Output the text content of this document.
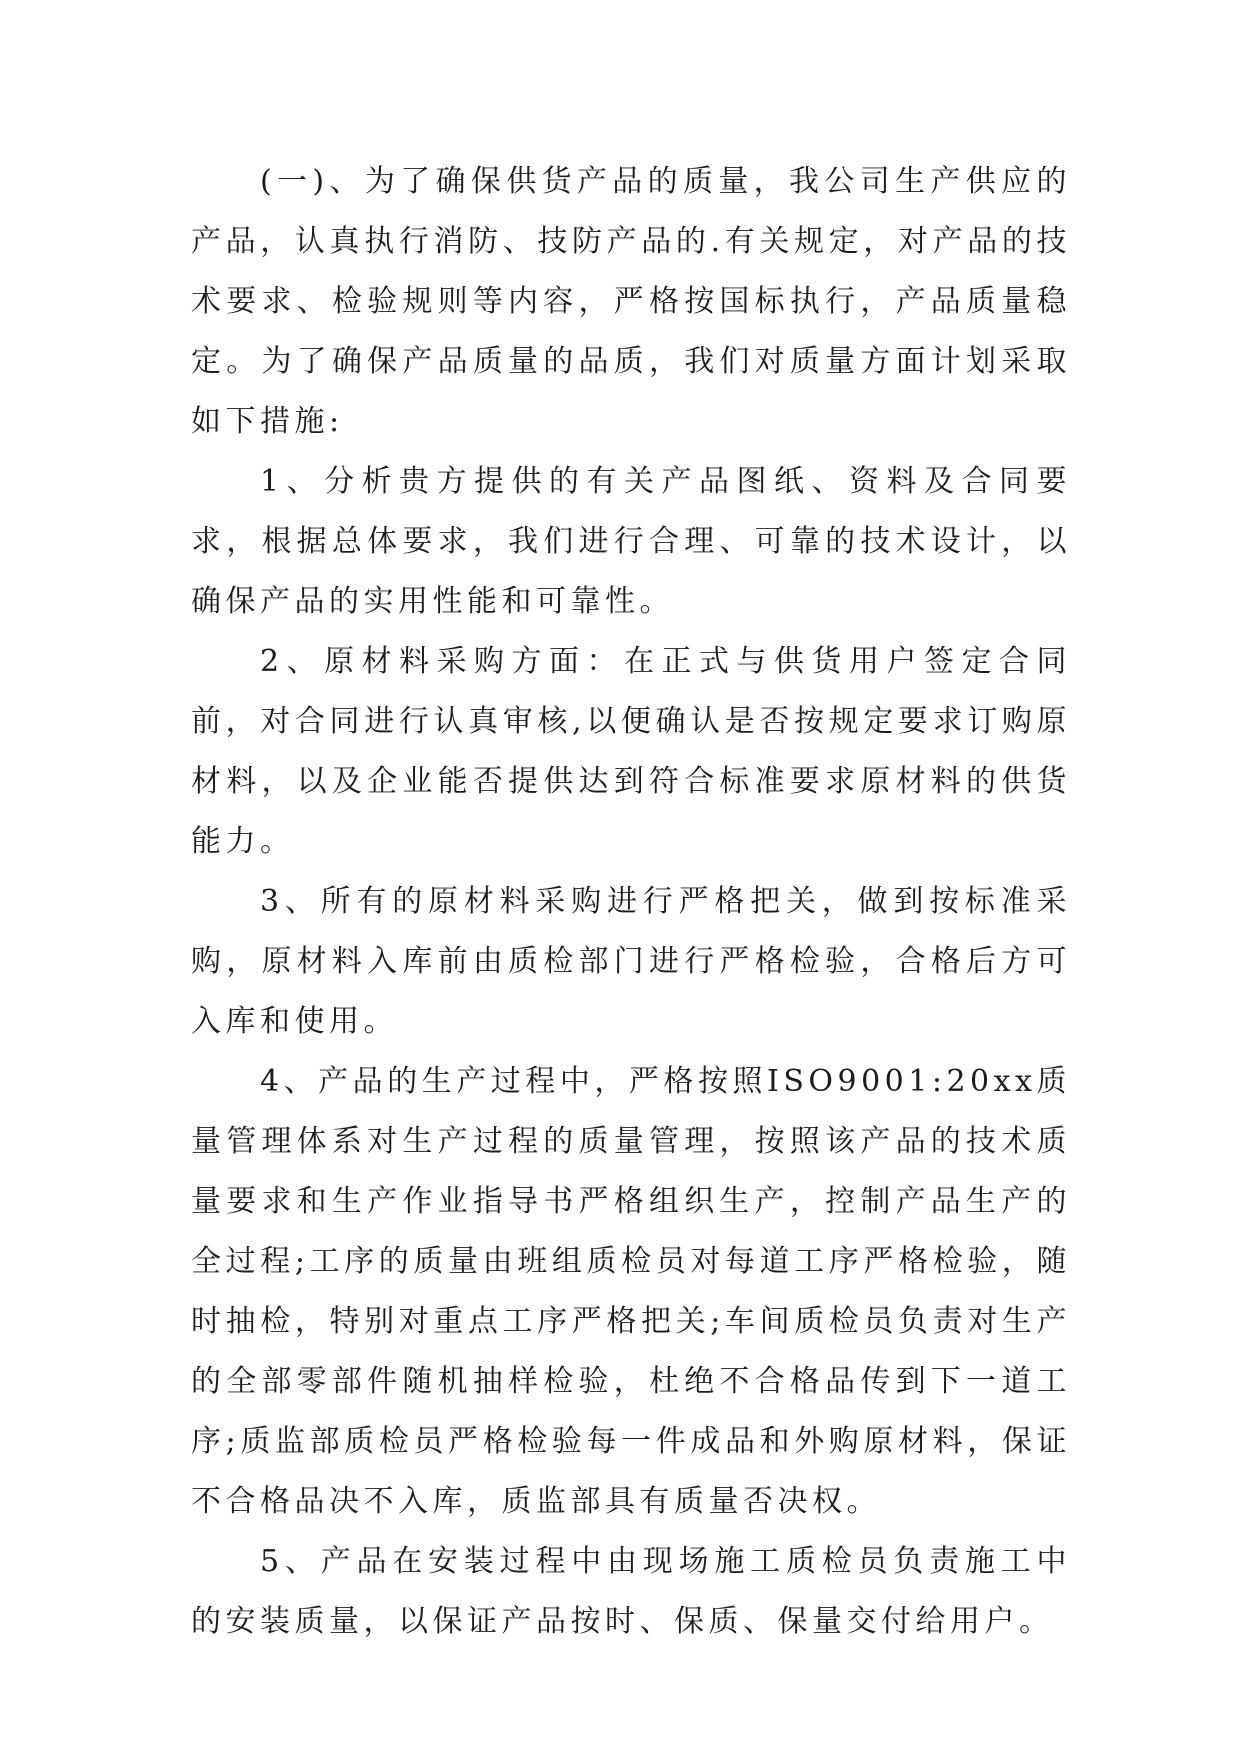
(一)、为了确保供货产品的质量，我公司生产供应的产品，认真执行消防、技防产品的.有关规定，对产品的技术要求、检验规则等内容，严格按国标执行，产品质量稳定。为了确保产品质量的品质，我们对质量方面计划采取如下措施:

1、分析贵方提供的有关产品图纸、资料及合同要求，根据总体要求，我们进行合理、可靠的技术设计，以确保产品的实用性能和可靠性。

2、原材料采购方面：在正式与供货用户签定合同前，对合同进行认真审核,以便确认是否按规定要求订购原材料，以及企业能否提供达到符合标准要求原材料的供货能力。

3、所有的原材料采购进行严格把关，做到按标准采购，原材料入库前由质检部门进行严格检验，合格后方可入库和使用。

4、产品的生产过程中，严格按照ISO9001:20xx质量管理体系对生产过程的质量管理，按照该产品的技术质量要求和生产作业指导书严格组织生产，控制产品生产的全过程;工序的质量由班组质检员对每道工序严格检验，随时抽检，特别对重点工序严格把关;车间质检员负责对生产的全部零部件随机抽样检验，杜绝不合格品传到下一道工序;质监部质检员严格检验每一件成品和外购原材料，保证不合格品决不入库，质监部具有质量否决权。

5、产品在安装过程中由现场施工质检员负责施工中的安装质量，以保证产品按时、保质、保量交付给用户。
